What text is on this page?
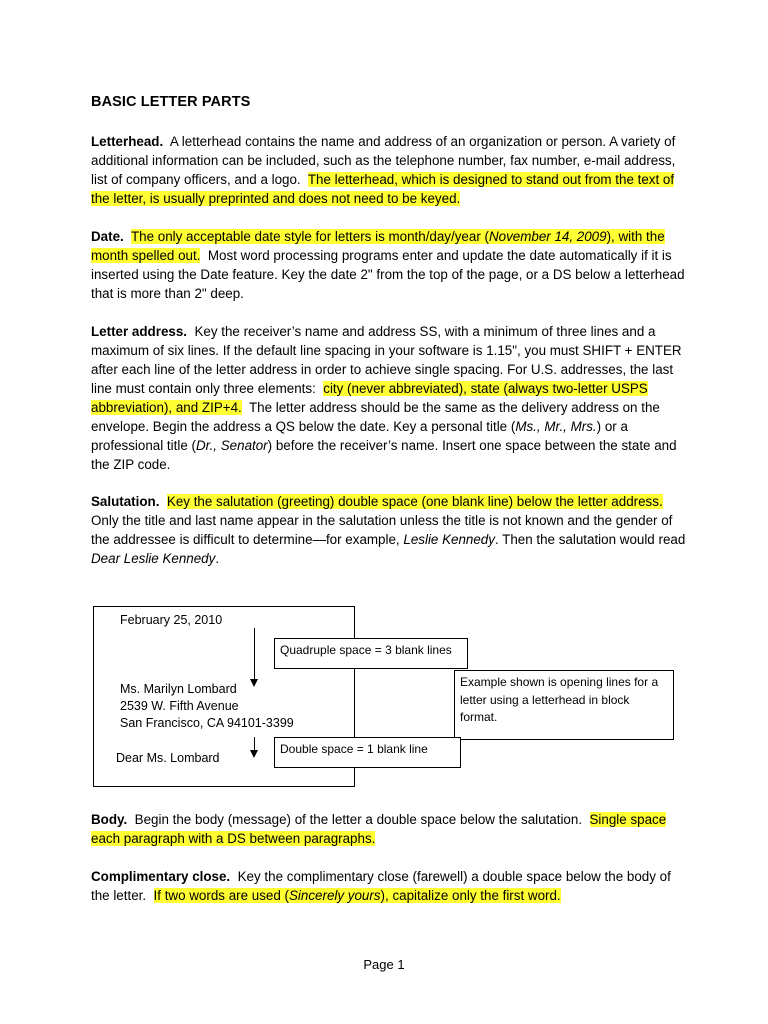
BASIC LETTER PARTS
Letterhead. A letterhead contains the name and address of an organization or person. A variety of additional information can be included, such as the telephone number, fax number, e-mail address, list of company officers, and a logo. The letterhead, which is designed to stand out from the text of the letter, is usually preprinted and does not need to be keyed.
Date. The only acceptable date style for letters is month/day/year (November 14, 2009), with the month spelled out. Most word processing programs enter and update the date automatically if it is inserted using the Date feature. Key the date 2" from the top of the page, or a DS below a letterhead that is more than 2" deep.
Letter address. Key the receiver’s name and address SS, with a minimum of three lines and a maximum of six lines. If the default line spacing in your software is 1.15", you must SHIFT + ENTER after each line of the letter address in order to achieve single spacing. For U.S. addresses, the last line must contain only three elements: city (never abbreviated), state (always two-letter USPS abbreviation), and ZIP+4. The letter address should be the same as the delivery address on the envelope. Begin the address a QS below the date. Key a personal title (Ms., Mr., Mrs.) or a professional title (Dr., Senator) before the receiver’s name. Insert one space between the state and the ZIP code.
Salutation. Key the salutation (greeting) double space (one blank line) below the letter address.  Only the title and last name appear in the salutation unless the title is not known and the gender of the addressee is difficult to determine—for example, Leslie Kennedy. Then the salutation would read Dear Leslie Kennedy.
February 25, 2010
Ms. Marilyn Lombard
2539 W. Fifth Avenue
San Francisco, CA 94101-3399
Dear Ms. Lombard
Quadruple space = 3 blank lines
Example shown is opening lines for a letter using a letterhead in block format.
Double space = 1 blank line
Body. Begin the body (message) of the letter a double space below the salutation. Single space each paragraph with a DS between paragraphs.
Complimentary close. Key the complimentary close (farewell) a double space below the body of the letter. If two words are used (Sincerely yours), capitalize only the first word.
Page 1
